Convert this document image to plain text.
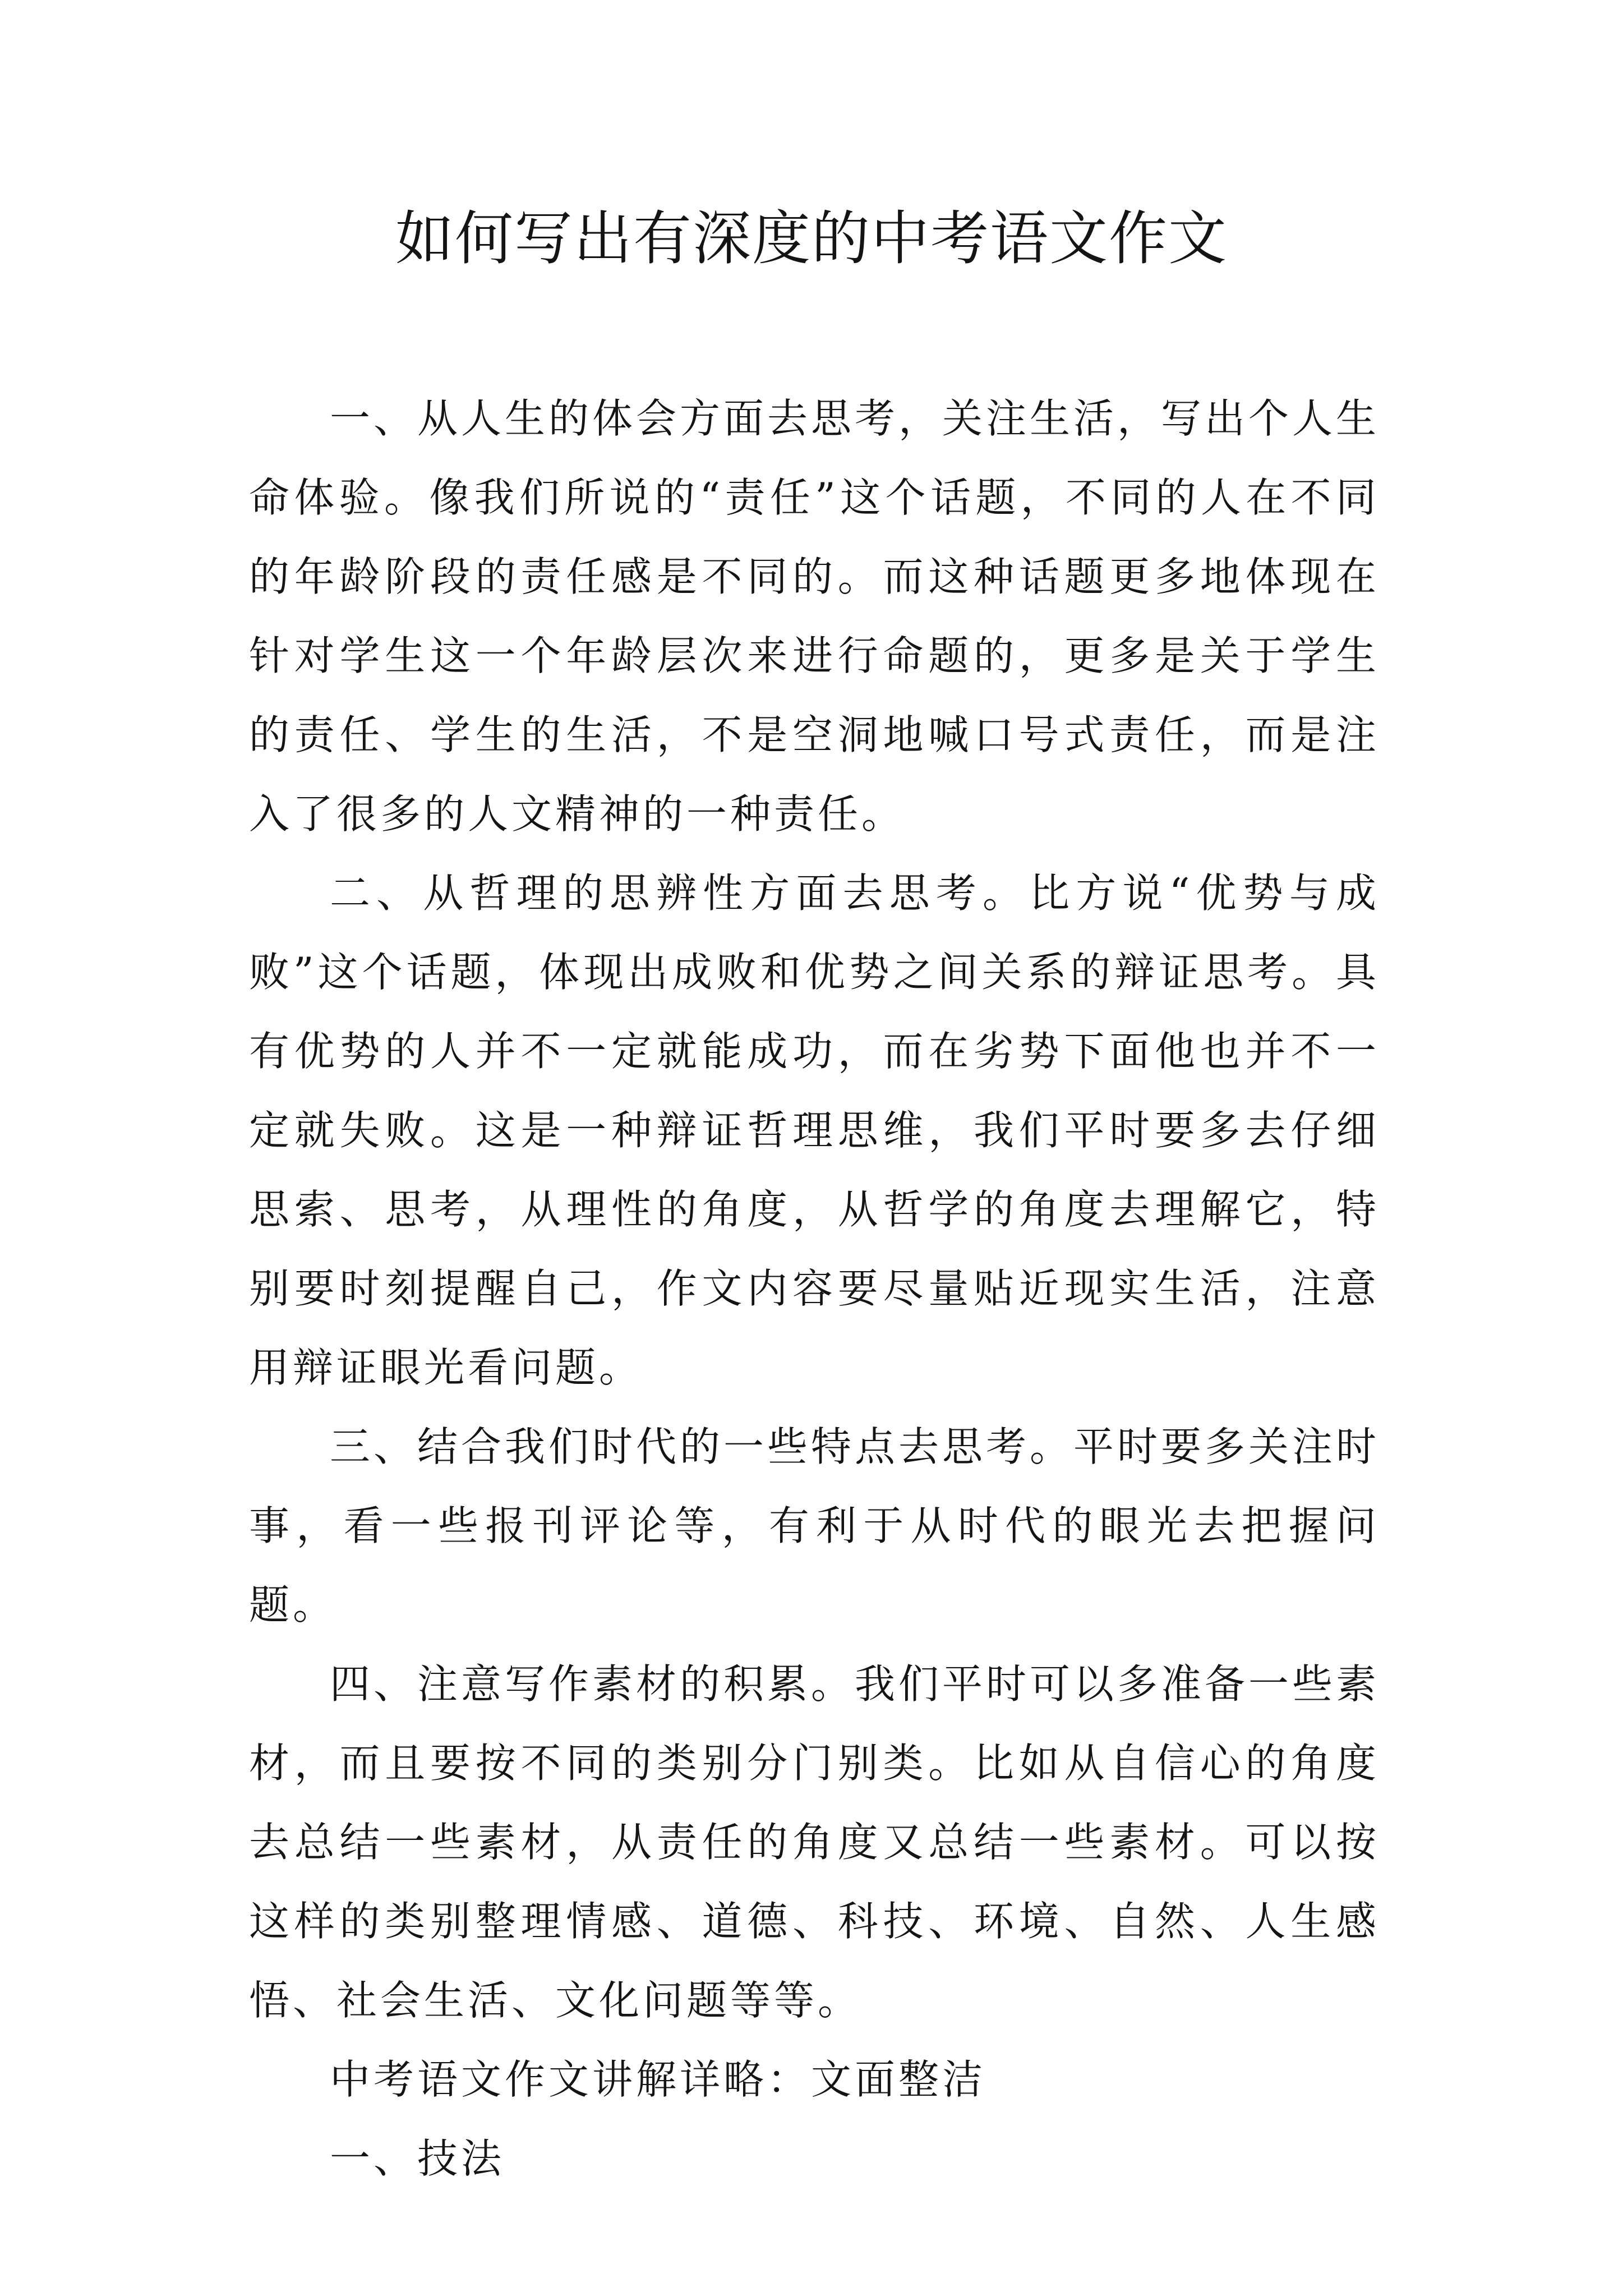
如何写出有深度的中考语文作文

一、从人生的体会方面去思考，关注生活，写出个人生命体验。像我们所说的“责任”这个话题，不同的人在不同的年龄阶段的责任感是不同的。而这种话题更多地体现在针对学生这一个年龄层次来进行命题的，更多是关于学生的责任、学生的生活，不是空洞地喊口号式责任，而是注入了很多的人文精神的一种责任。

二、从哲理的思辨性方面去思考。比方说“优势与成败”这个话题，体现出成败和优势之间关系的辩证思考。具有优势的人并不一定就能成功，而在劣势下面他也并不一定就失败。这是一种辩证哲理思维，我们平时要多去仔细思索、思考，从理性的角度，从哲学的角度去理解它，特别要时刻提醒自己，作文内容要尽量贴近现实生活，注意用辩证眼光看问题。

三、结合我们时代的一些特点去思考。平时要多关注时事，看一些报刊评论等，有利于从时代的眼光去把握问题。

四、注意写作素材的积累。我们平时可以多准备一些素材，而且要按不同的类别分门别类。比如从自信心的角度去总结一些素材，从责任的角度又总结一些素材。可以按这样的类别整理情感、道德、科技、环境、自然、人生感悟、社会生活、文化问题等等。

中考语文作文讲解详略：文面整洁

一、技法
